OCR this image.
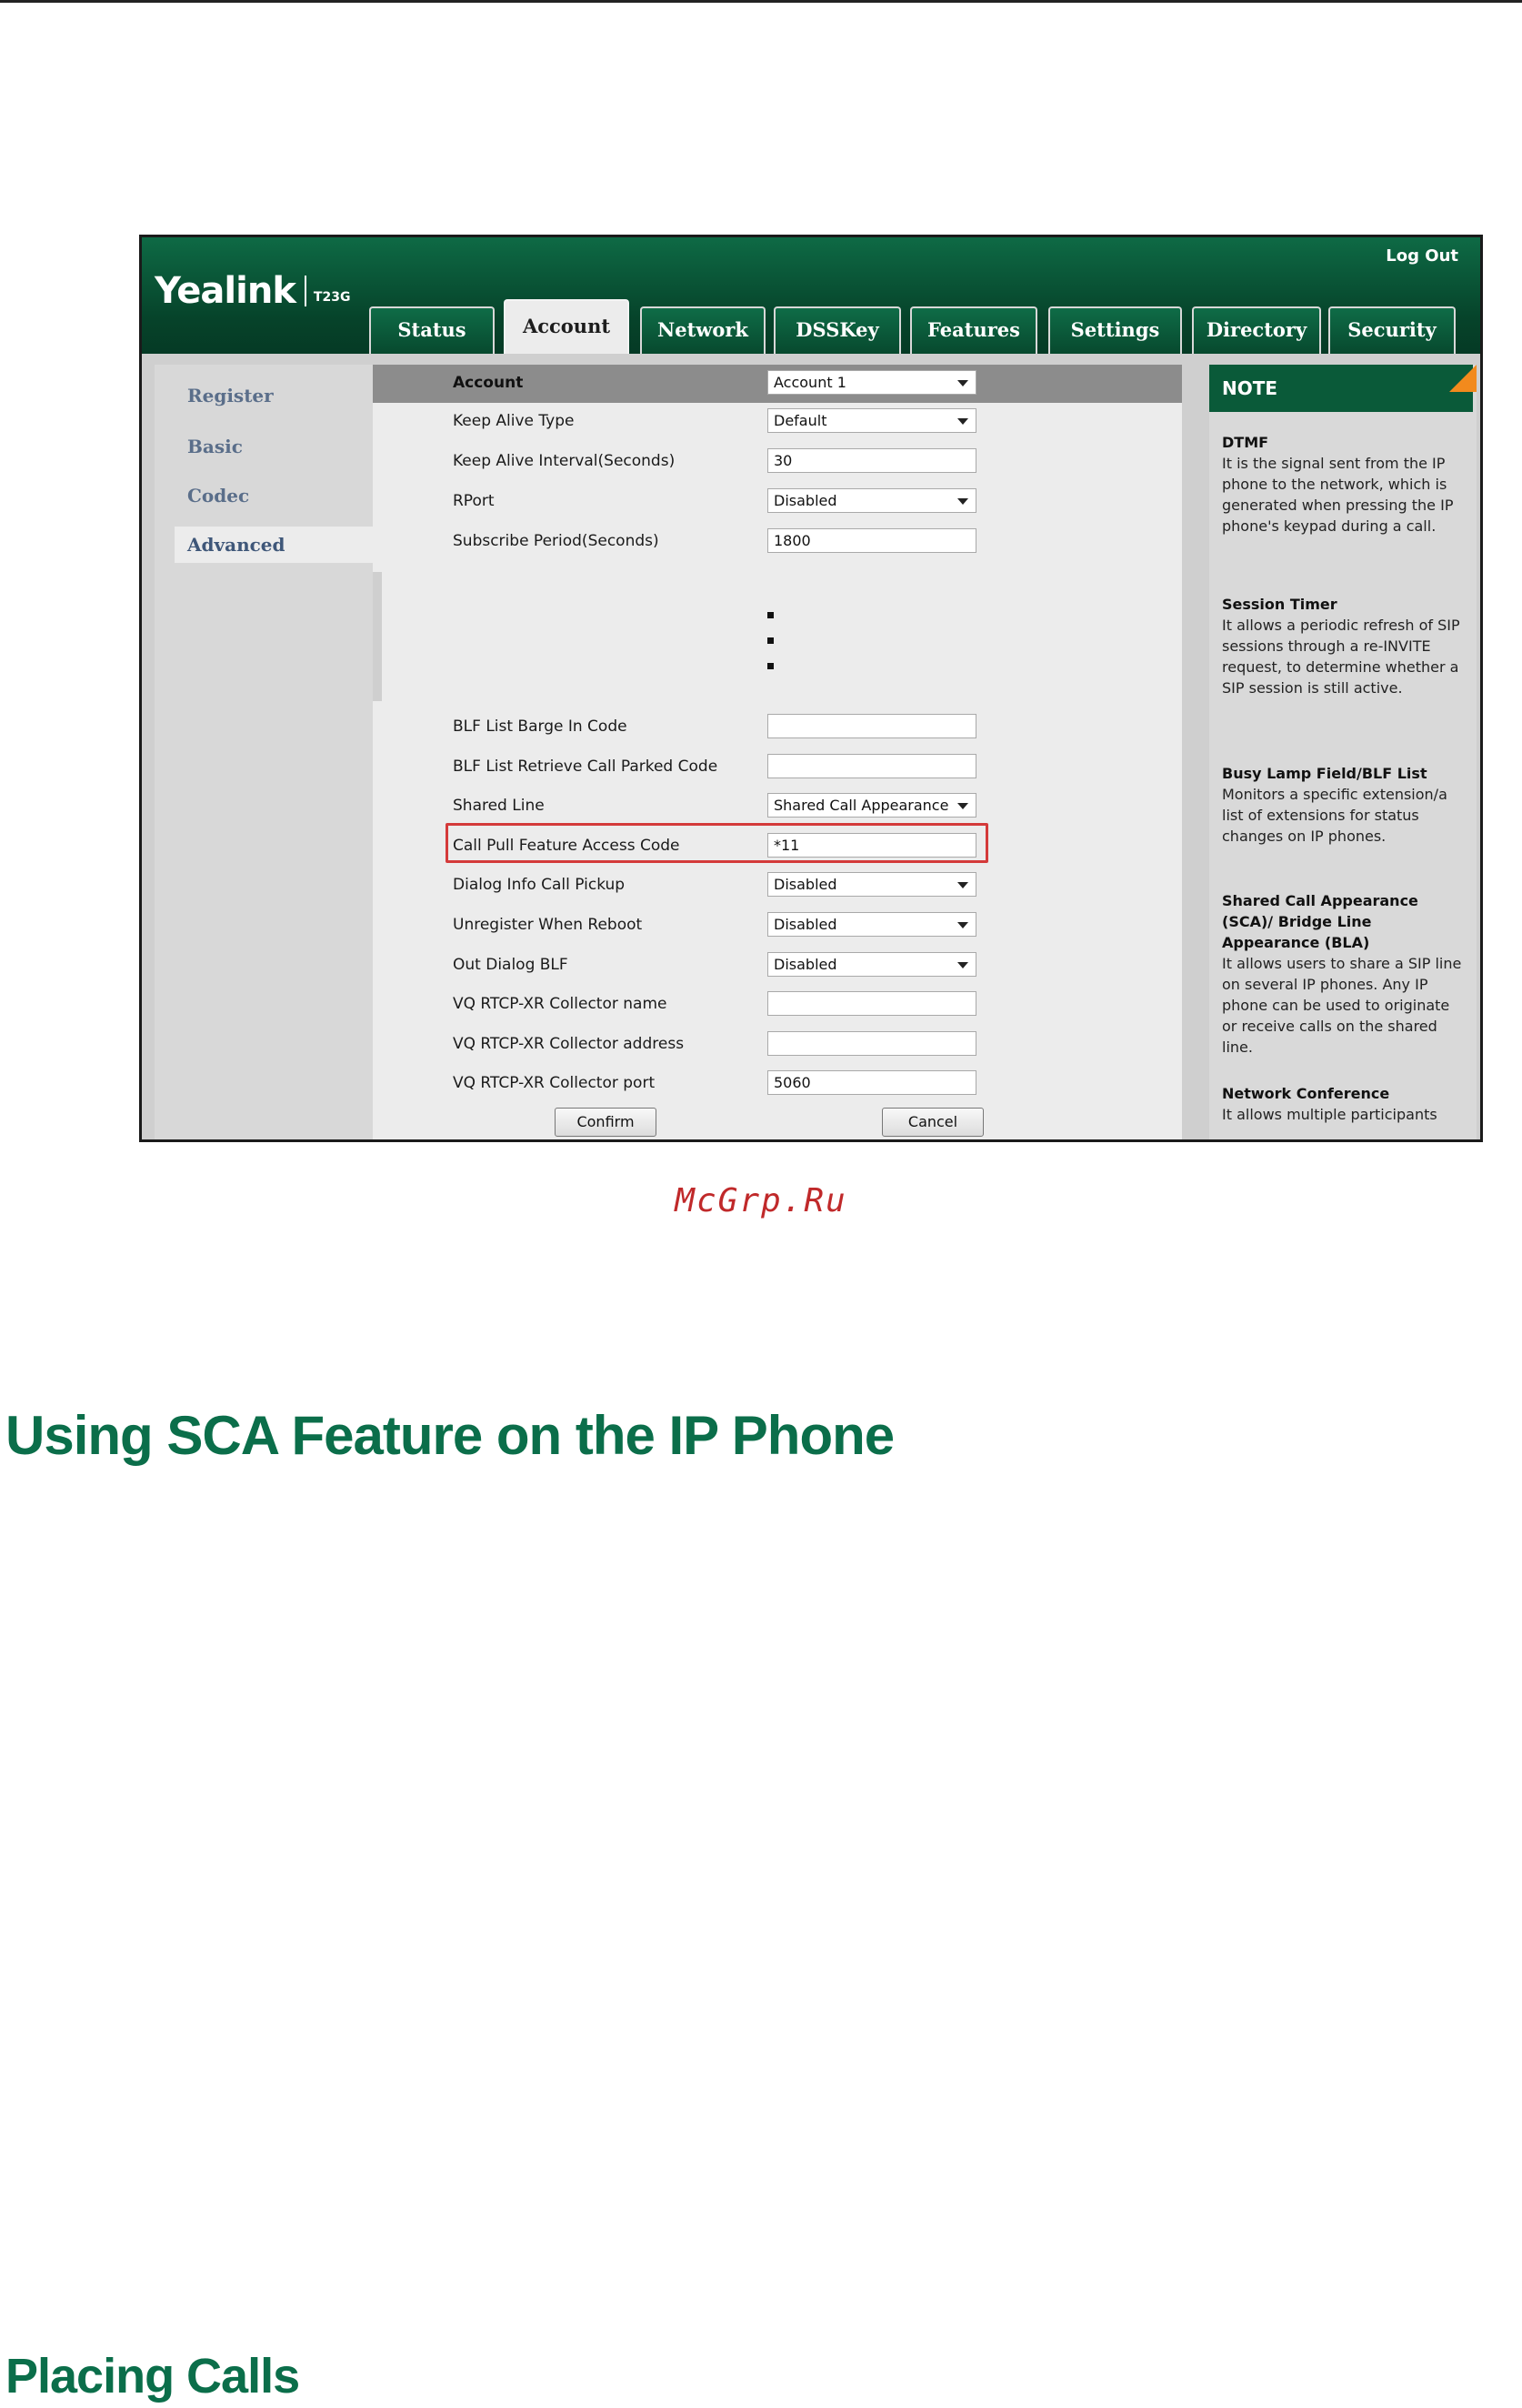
Yealink T23G
Log Out
Status	Account	Network	DSSKey	Features	Settings	Directory	Security
Register
Basic
Codec
Advanced
Account	Account 1
Confirm	Cancel
Keep Alive Type	Default
Keep Alive Interval(Seconds)	30
RPort	Disabled
Subscribe Period(Seconds)	1800
BLF List Barge In Code
BLF List Retrieve Call Parked Code
Shared Line	Shared Call Appearance
Call Pull Feature Access Code	*11
Dialog Info Call Pickup	Disabled
Unregister When Reboot	Disabled
Out Dialog BLF	Disabled
VQ RTCP-XR Collector name
VQ RTCP-XR Collector address
VQ RTCP-XR Collector port	5060
NOTE
DTMF
It is the signal sent from the IP phone to the network, which is generated when pressing the IP phone's keypad during a call.
Session Timer
It allows a periodic refresh of SIP sessions through a re-INVITE request, to determine whether a SIP session is still active.
Busy Lamp Field/BLF List
Monitors a specific extension/a list of extensions for status changes on IP phones.
Shared Call Appearance (SCA)/ Bridge Line Appearance (BLA)
It allows users to share a SIP line on several IP phones. Any IP phone can be used to originate or receive calls on the shared line.
Network Conference
It allows multiple participants
McGrp.Ru
Using SCA Feature on the IP Phone
Placing Calls
